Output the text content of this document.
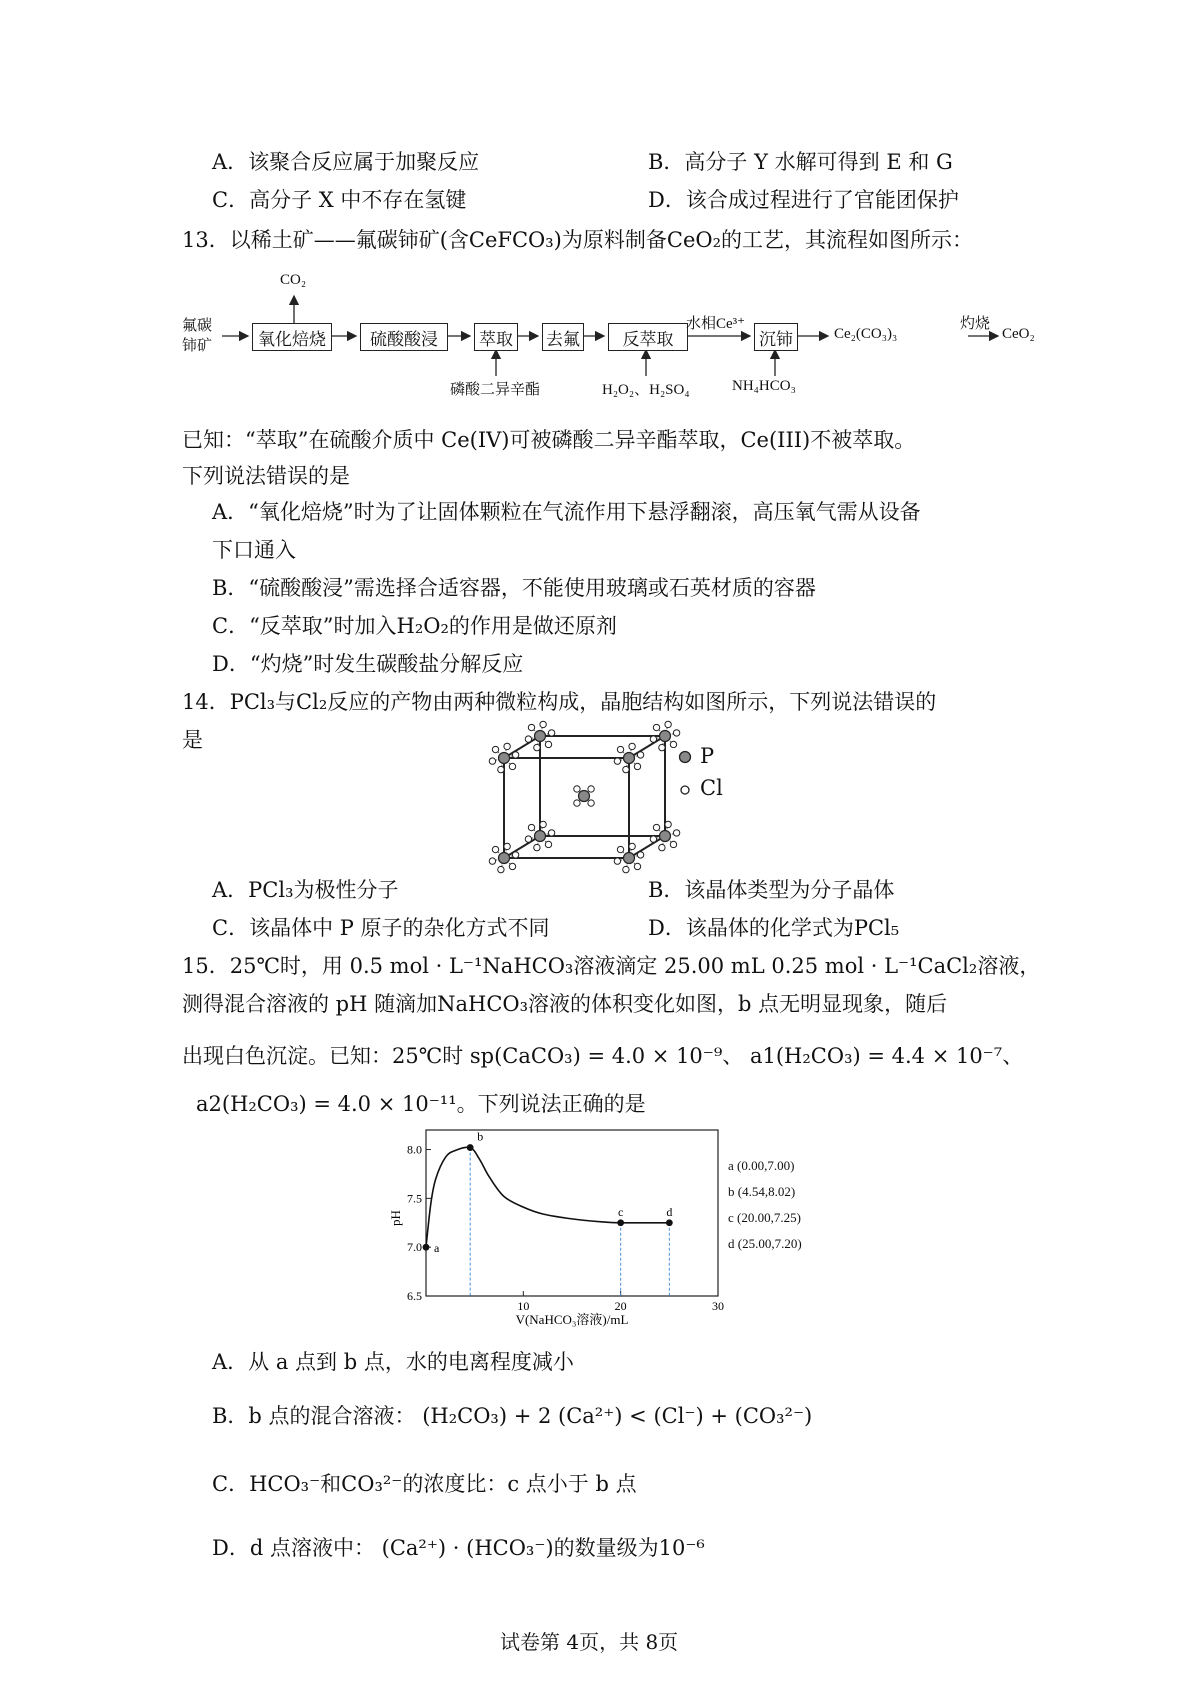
A．该聚合反应属于加聚反应	B．高分子 Y 水解可得到 E 和 G
C．高分子 X 中不存在氢键	D．该合成过程进行了官能团保护
13．以稀土矿——氟碳铈矿(含CeFCO₃)为原料制备CeO₂的工艺，其流程如图所示：
氟碳
铈矿
CO₂
氧化焙烧	硫酸酸浸	萃取 去氟	反萃取
水相Ce³⁺
沉铈	Ce₂(CO₃)₃
灼烧
CeO₂
磷酸二异辛酯	H₂O₂、H₂SO₄	NH₄HCO₃
已知：“萃取”在硫酸介质中 Ce(IV)可被磷酸二异辛酯萃取，Ce(III)不被萃取。
下列说法错误的是
A．“氧化焙烧”时为了让固体颗粒在气流作用下悬浮翻滚，高压氧气需从设备
下口通入
B．“硫酸酸浸”需选择合适容器，不能使用玻璃或石英材质的容器
C．“反萃取”时加入H₂O₂的作用是做还原剂
D．“灼烧”时发生碳酸盐分解反应
14．PCl₃与Cl₂反应的产物由两种微粒构成，晶胞结构如图所示，下列说法错误的
是
P
Cl
A．PCl₃为极性分子	B．该晶体类型为分子晶体
C．该晶体中 P 原子的杂化方式不同	D．该晶体的化学式为PCl₅
15．25℃时，用 0.5 mol · L⁻¹NaHCO₃溶液滴定 25.00 mL 0.25 mol · L⁻¹CaCl₂溶液，
测得混合溶液的 pH 随滴加NaHCO₃溶液的体积变化如图，b 点无明显现象，随后
出现白色沉淀。已知：25℃时 sp(CaCO₃) = 4.0 × 10⁻⁹、 a1(H₂CO₃) = 4.4 × 10⁻⁷、
a2(H₂CO₃) = 4.0 × 10⁻¹¹。下列说法正确的是
10	20	30
6.5
7.0
7.5
8.0
a
b
c	d
pH
V(NaHCO₃溶液)/mL
a (0.00,7.00)
b (4.54,8.02)
c (20.00,7.25)
d (25.00,7.20)
A．从 a 点到 b 点，水的电离程度减小
B．b 点的混合溶液： (H₂CO₃) + 2 (Ca²⁺) < (Cl⁻) + (CO₃²⁻)
C．HCO₃⁻和CO₃²⁻的浓度比：c 点小于 b 点
D．d 点溶液中： (Ca²⁺) · (HCO₃⁻)的数量级为10⁻⁶
试卷第 4页，共 8页
